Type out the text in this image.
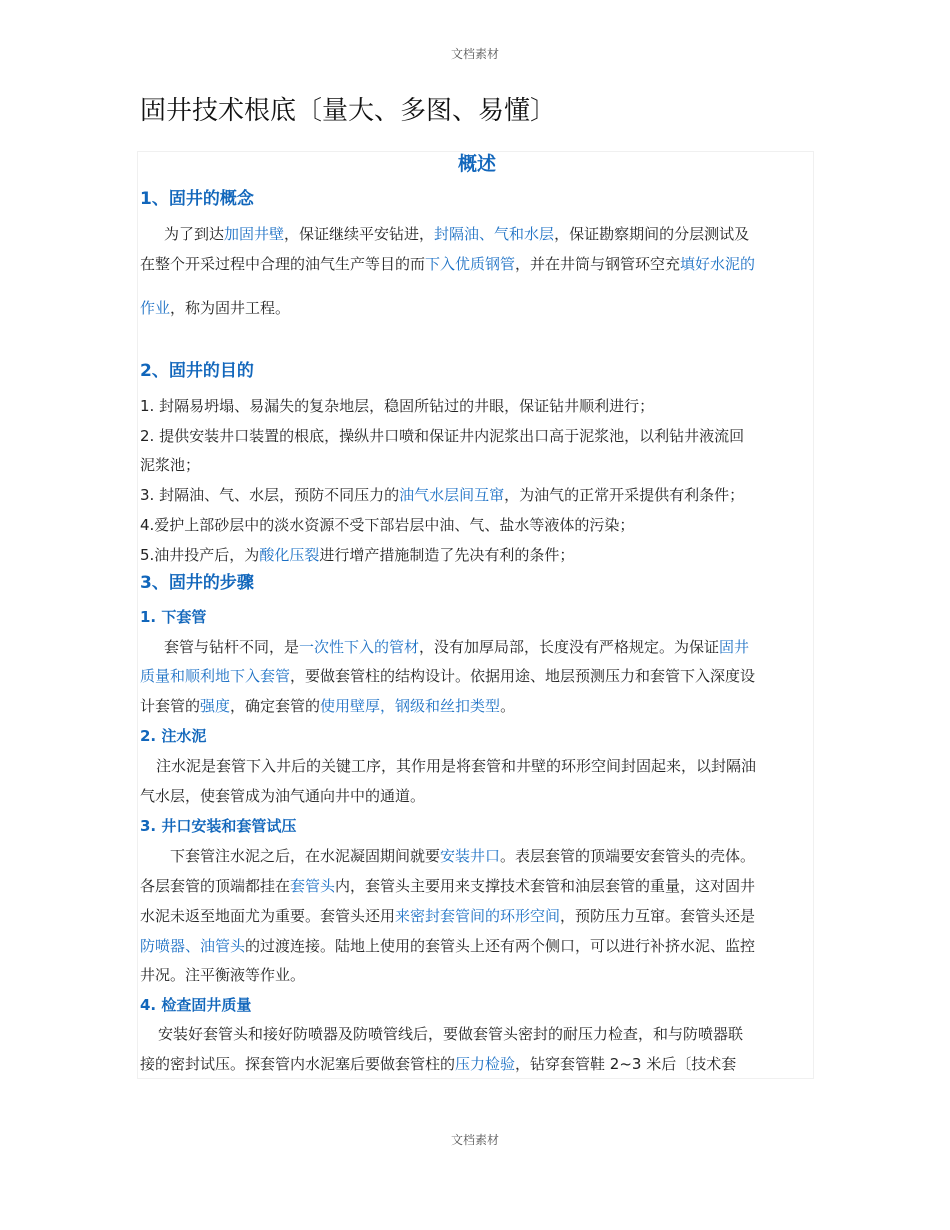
文档素材
固井技术根底〔量大、多图、易懂〕
概述
1、固井的概念
为了到达加固井壁，保证继续平安钻进，封隔油、气和水层，保证勘察期间的分层测试及
在整个开采过程中合理的油气生产等目的而下入优质钢管，并在井筒与钢管环空充填好水泥的
作业，称为固井工程。
2、固井的目的
1. 封隔易坍塌、易漏失的复杂地层，稳固所钻过的井眼，保证钻井顺利进行；
2. 提供安装井口装置的根底，操纵井口喷和保证井内泥浆出口高于泥浆池，以利钻井液流回
泥浆池；
3. 封隔油、气、水层，预防不同压力的油气水层间互窜，为油气的正常开采提供有利条件；
4.爱护上部砂层中的淡水资源不受下部岩层中油、气、盐水等液体的污染；
5.油井投产后，为酸化压裂进行增产措施制造了先决有利的条件；
3、固井的步骤
1. 下套管
套管与钻杆不同，是一次性下入的管材，没有加厚局部，长度没有严格规定。为保证固井
质量和顺利地下入套管，要做套管柱的结构设计。依据用途、地层预测压力和套管下入深度设
计套管的强度，确定套管的使用壁厚，钢级和丝扣类型。
2. 注水泥
注水泥是套管下入井后的关键工序，其作用是将套管和井壁的环形空间封固起来，以封隔油
气水层，使套管成为油气通向井中的通道。
3. 井口安装和套管试压
下套管注水泥之后，在水泥凝固期间就要安装井口。表层套管的顶端要安套管头的壳体。
各层套管的顶端都挂在套管头内，套管头主要用来支撑技术套管和油层套管的重量，这对固井
水泥未返至地面尤为重要。套管头还用来密封套管间的环形空间，预防压力互窜。套管头还是
防喷器、油管头的过渡连接。陆地上使用的套管头上还有两个侧口，可以进行补挤水泥、监控
井况。注平衡液等作业。
4. 检查固井质量
安装好套管头和接好防喷器及防喷管线后，要做套管头密封的耐压力检查，和与防喷器联
接的密封试压。探套管内水泥塞后要做套管柱的压力检验，钻穿套管鞋 2~3 米后〔技术套
文档素材
